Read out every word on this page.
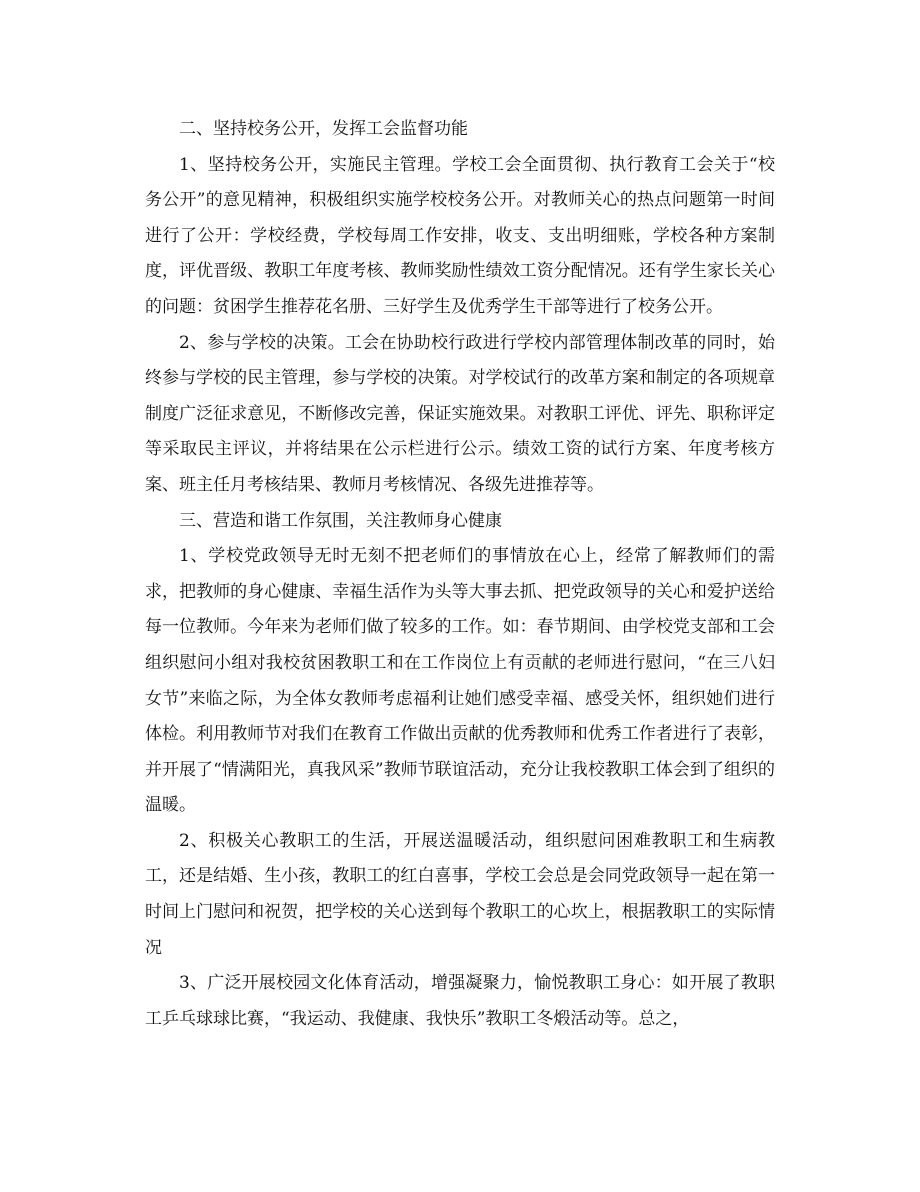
二、坚持校务公开，发挥工会监督功能

1、坚持校务公开，实施民主管理。学校工会全面贯彻、执行教育工会关于“校务公开”的意见精神，积极组织实施学校校务公开。对教师关心的热点问题第一时间进行了公开：学校经费，学校每周工作安排，收支、支出明细账，学校各种方案制度，评优晋级、教职工年度考核、教师奖励性绩效工资分配情况。还有学生家长关心的问题：贫困学生推荐花名册、三好学生及优秀学生干部等进行了校务公开。

2、参与学校的决策。工会在协助校行政进行学校内部管理体制改革的同时，始终参与学校的民主管理，参与学校的决策。对学校试行的改革方案和制定的各项规章制度广泛征求意见，不断修改完善，保证实施效果。对教职工评优、评先、职称评定等采取民主评议，并将结果在公示栏进行公示。绩效工资的试行方案、年度考核方案、班主任月考核结果、教师月考核情况、各级先进推荐等。

三、营造和谐工作氛围，关注教师身心健康

1、学校党政领导无时无刻不把老师们的事情放在心上，经常了解教师们的需求，把教师的身心健康、幸福生活作为头等大事去抓、把党政领导的关心和爱护送给每一位教师。今年来为老师们做了较多的工作。如：春节期间、由学校党支部和工会组织慰问小组对我校贫困教职工和在工作岗位上有贡献的老师进行慰问，“在三八妇女节”来临之际，为全体女教师考虑福利让她们感受幸福、感受关怀，组织她们进行体检。利用教师节对我们在教育工作做出贡献的优秀教师和优秀工作者进行了表彰，并开展了“情满阳光，真我风采”教师节联谊活动，充分让我校教职工体会到了组织的温暖。

2、积极关心教职工的生活，开展送温暖活动，组织慰问困难教职工和生病教工，还是结婚、生小孩，教职工的红白喜事，学校工会总是会同党政领导一起在第一时间上门慰问和祝贺，把学校的关心送到每个教职工的心坎上，根据教职工的实际情况

3、广泛开展校园文化体育活动，增强凝聚力，愉悦教职工身心：如开展了教职工乒乓球球比赛，“我运动、我健康、我快乐”教职工冬煅活动等。总之，
